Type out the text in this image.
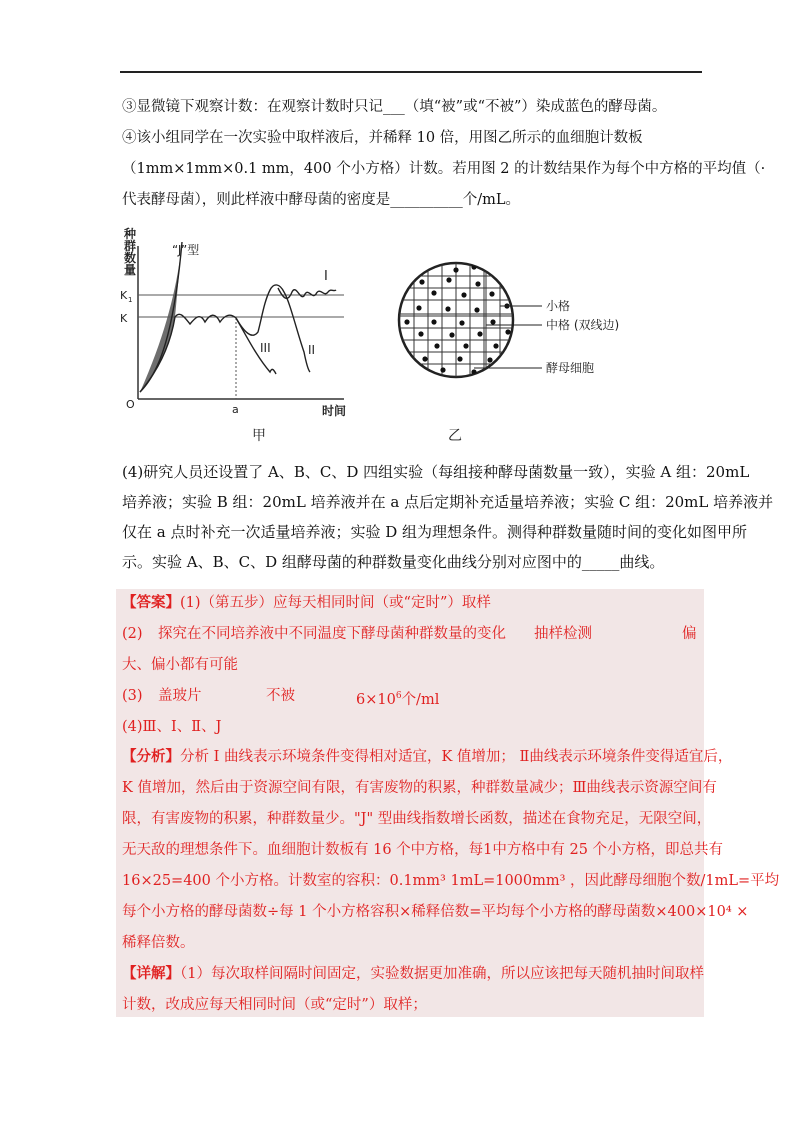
③显微镜下观察计数：在观察计数时只记___（填“被”或“不被”）染成蓝色的酵母菌。
④该小组同学在一次实验中取样液后，并稀释 10 倍，用图乙所示的血细胞计数板
（1mm×1mm×0.1 mm，400 个小方格）计数。若用图 2 的计数结果作为每个中方格的平均值（·
代表酵母菌），则此样液中酵母菌的密度是__________个/mL。
种
群
数
量
K 1
K
O
“J”型
a	时间
III	II
I
甲
小格
中格 (双线边)
酵母细胞
乙
(4)研究人员还设置了 A、B、C、D 四组实验（每组接种酵母菌数量一致），实验 A 组：20mL
培养液；实验 B 组：20mL 培养液并在 a 点后定期补充适量培养液；实验 C 组：20mL 培养液并
仅在 a 点时补充一次适量培养液；实验 D 组为理想条件。测得种群数量随时间的变化如图甲所
示。实验 A、B、C、D 组酵母菌的种群数量变化曲线分别对应图中的_____曲线。
【答案】(1)（第五步）应每天相同时间（或“定时”）取样
(2) 探究在不同培养液中不同温度下酵母菌种群数量的变化 抽样检测	偏
大、偏小都有可能
(3) 盖玻片	不被	$6\times 10^6$个/ml
(4)Ⅲ、Ⅰ、Ⅱ、J
【分析】分析 I 曲线表示环境条件变得相对适宜，K 值增加； Ⅱ曲线表示环境条件变得适宜后，
K 值增加，然后由于资源空间有限，有害废物的积累，种群数量减少；Ⅲ曲线表示资源空间有
限，有害废物的积累，种群数量少。"J" 型曲线指数增长函数，描述在食物充足，无限空间，
无天敌的理想条件下。血细胞计数板有 16 个中方格，每1中方格中有 25 个小方格，即总共有
16×25=400 个小方格。计数室的容积：0.1mm³ 1mL=1000mm³ ，因此酵母细胞个数/1mL=平均
每个小方格的酵母菌数÷每 1 个小方格容积×稀释倍数=平均每个小方格的酵母菌数×400×10⁴ ×
稀释倍数。
【详解】（1）每次取样间隔时间固定，实验数据更加准确，所以应该把每天随机抽时间取样
计数，改成应每天相同时间（或“定时”）取样；
